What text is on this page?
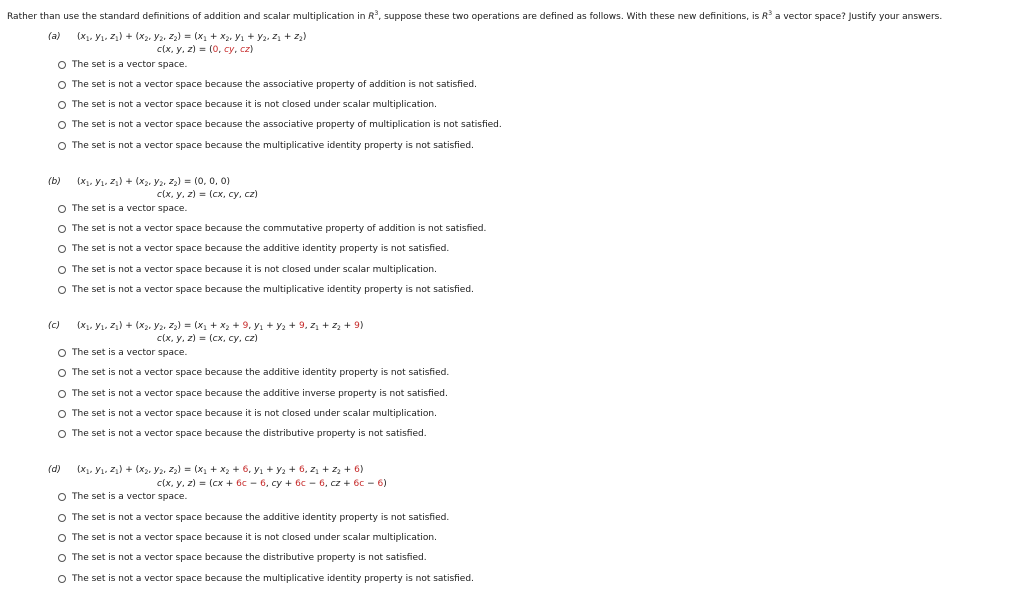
Rather than use the standard definitions of addition and scalar multiplication in $R^3$, suppose these two operations are defined as follows. With these new definitions, is $R^3$ a vector space? Justify your answers.
(a) ($x_1$, $y_1$, $z_1) + (x_2$, $y_2$, $z_2) = (x_1 + x_2$, $y_1 + y_2$, $z_1 + z_2$)
c(x, y, z) = (0, cy, cz)
The set is a vector space.
The set is not a vector space because the associative property of addition is not satisfied.
The set is not a vector space because it is not closed under scalar multiplication.
The set is not a vector space because the associative property of multiplication is not satisfied.
The set is not a vector space because the multiplicative identity property is not satisfied.
(b) ($x_1$, $y_1$, $z_1) + (x_2$, $y_2$, $z_2) = (0$, 0, 0)
c(x, y, z) = (cx, cy, cz)
The set is a vector space.
The set is not a vector space because the commutative property of addition is not satisfied.
The set is not a vector space because the additive identity property is not satisfied.
The set is not a vector space because it is not closed under scalar multiplication.
The set is not a vector space because the multiplicative identity property is not satisfied.
(c) ($x_1$, $y_1$, $z_1) + (x_2$, $y_2$, $z_2) = (x_1 + x_2 + 9$, $y_1 + y_2 + 9$, $z_1 + z_2 + 9$)
c(x, y, z) = (cx, cy, cz)
The set is a vector space.
The set is not a vector space because the additive identity property is not satisfied.
The set is not a vector space because the additive inverse property is not satisfied.
The set is not a vector space because it is not closed under scalar multiplication.
The set is not a vector space because the distributive property is not satisfied.
(d) ($x_1$, $y_1$, $z_1) + (x_2$, $y_2$, $z_2) = (x_1 + x_2 + 6$, $y_1 + y_2 + 6$, $z_1 + z_2 + 6$)
c(x, y, z) = (cx + 6c − 6, cy + 6c − 6, cz + 6c − 6)
The set is a vector space.
The set is not a vector space because the additive identity property is not satisfied.
The set is not a vector space because it is not closed under scalar multiplication.
The set is not a vector space because the distributive property is not satisfied.
The set is not a vector space because the multiplicative identity property is not satisfied.
